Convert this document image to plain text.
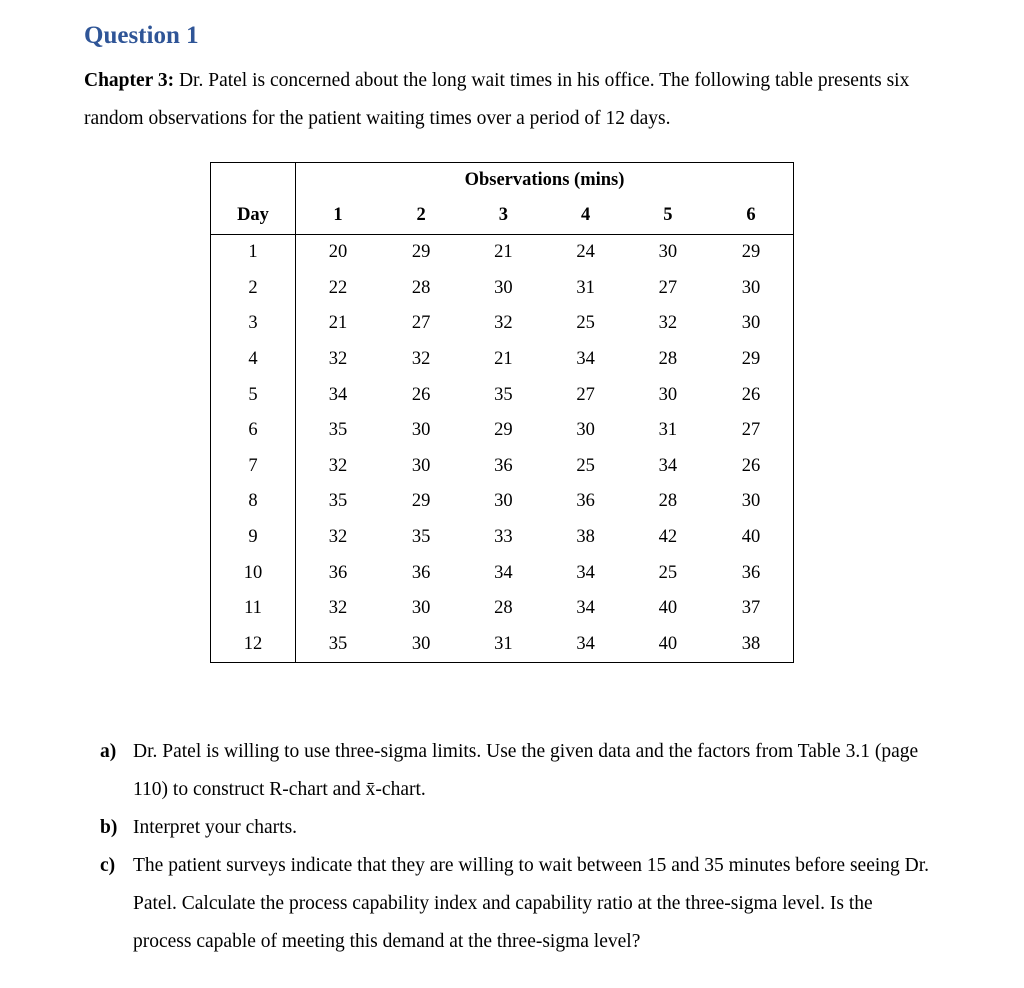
Question 1

Chapter 3: Dr. Patel is concerned about the long wait times in his office. The following table presents six random observations for the patient waiting times over a period of 12 days.

	Observations (mins)					
Day	1	2	3	4	5	6
1	20	29	21	24	30	29
2	22	28	30	31	27	30
3	21	27	32	25	32	30
4	32	32	21	34	28	29
5	34	26	35	27	30	26
6	35	30	29	30	31	27
7	32	30	36	25	34	26
8	35	29	30	36	28	30
9	32	35	33	38	42	40
10	36	36	34	34	25	36
11	32	30	28	34	40	37
12	35	30	31	34	40	38
a) Dr. Patel is willing to use three-sigma limits. Use the given data and the factors from Table 3.1 (page 110) to construct R-chart and x̄-chart.
b) Interpret your charts.
c) The patient surveys indicate that they are willing to wait between 15 and 35 minutes before seeing Dr. Patel. Calculate the process capability index and capability ratio at the three-sigma level. Is the process capable of meeting this demand at the three-sigma level?
